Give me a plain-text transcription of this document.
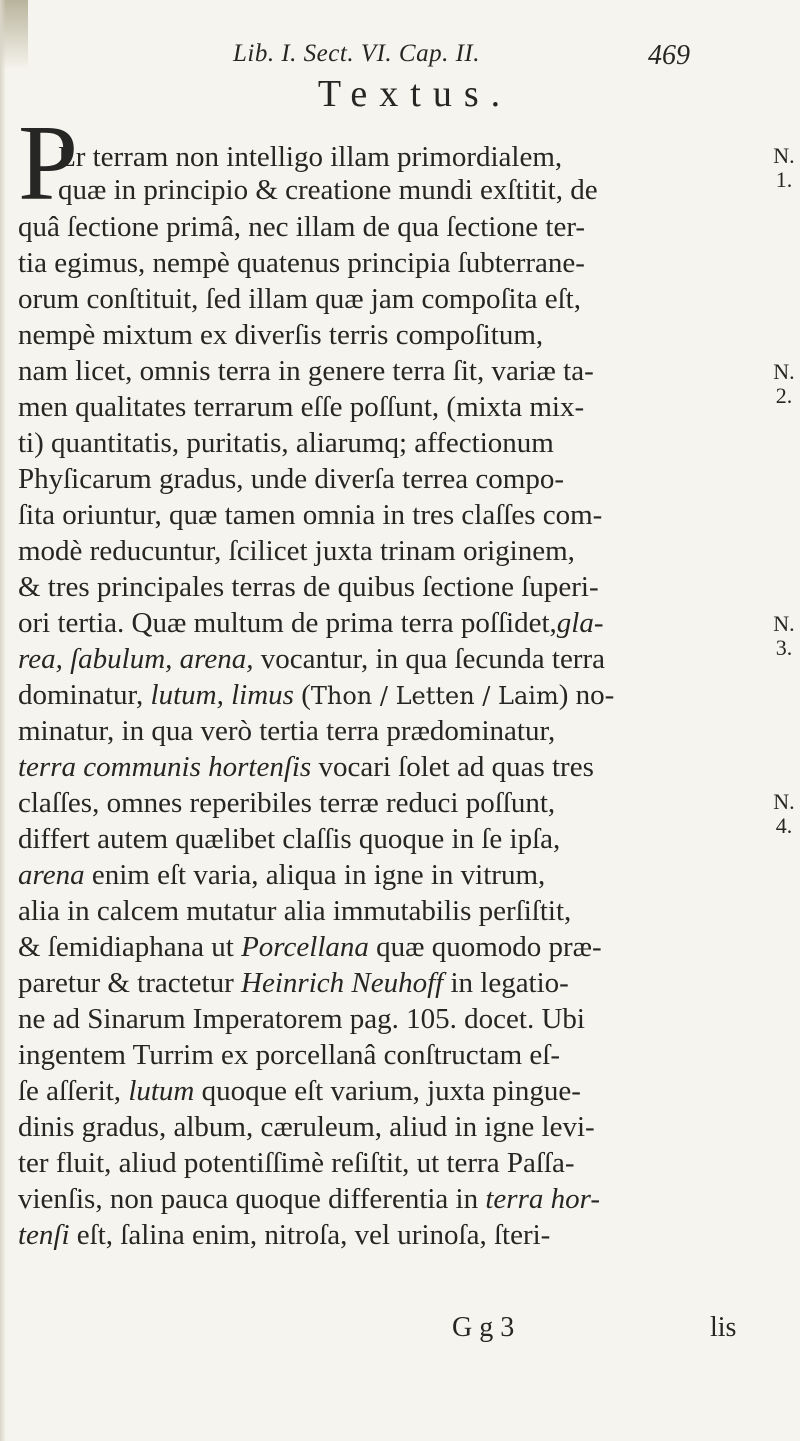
Lib. I. Sect. VI. Cap. II.	469
Textus.
P
Er terram non intelligo illam primordialem,
quæ in principio & creatione mundi exſtitit, de
quâ ſectione primâ, nec illam de qua ſectione ter-
tia egimus, nempè quatenus principia ſubterrane-
orum conſtituit, ſed illam quæ jam compoſita eſt,
nempè mixtum ex diverſis terris compoſitum,
nam licet, omnis terra in genere terra ſit, variæ ta-
men qualitates terrarum eſſe poſſunt, (mixta mix-
ti) quantitatis, puritatis, aliarumq; affectionum
Phyſicarum gradus, unde diverſa terrea compo-
ſita oriuntur, quæ tamen omnia in tres claſſes com-
modè reducuntur, ſcilicet juxta trinam originem,
& tres principales terras de quibus ſectione ſuperi-
ori tertia. Quæ multum de prima terra poſſidet,gla-
rea, ſabulum, arena, vocantur, in qua ſecunda terra
dominatur, lutum, limus (Thon / Letten / Laim) no-
minatur, in qua verò tertia terra prædominatur,
terra communis hortenſis vocari ſolet ad quas tres
claſſes, omnes reperibiles terræ reduci poſſunt,
differt autem quælibet claſſis quoque in ſe ipſa,
arena enim eſt varia, aliqua in igne in vitrum,
alia in calcem mutatur alia immutabilis perſiſtit,
& ſemidiaphana ut Porcellana quæ quomodo præ-
paretur & tractetur Heinrich Neuhoff in legatio-
ne ad Sinarum Imperatorem pag. 105. docet. Ubi
ingentem Turrim ex porcellanâ conſtructam eſ-
ſe aſſerit, lutum quoque eſt varium, juxta pingue-
dinis gradus, album, cæruleum, aliud in igne levi-
ter fluit, aliud potentiſſimè reſiſtit, ut terra Paſſa-
vienſis, non pauca quoque differentia in terra hor-
tenſi eſt, ſalina enim, nitroſa, vel urinoſa, ſteri-
G g 3	lis
N.
1.
N.
2.
N.
3.
N.
4.
